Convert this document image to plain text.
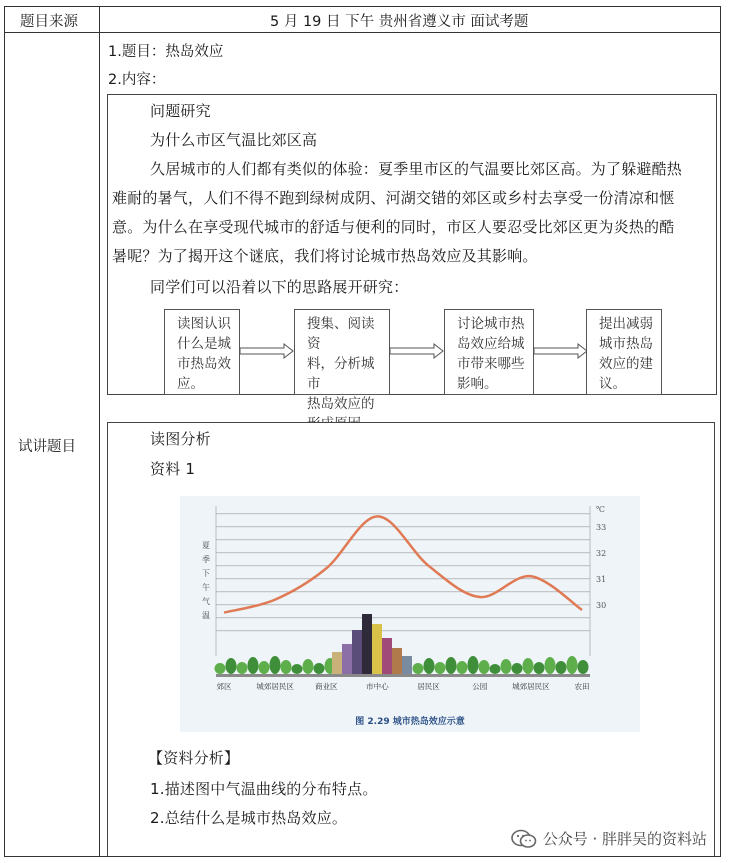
题目来源	5 月 19 日 下午 贵州省遵义市 面试考题
试讲题目
1.题目：热岛效应
2.内容：
问题研究
为什么市区气温比郊区高
久居城市的人们都有类似的体验：夏季里市区的气温要比郊区高。为了躲避酷热
难耐的暑气，人们不得不跑到绿树成阴、河湖交错的郊区或乡村去享受一份清凉和惬
意。为什么在享受现代城市的舒适与便利的同时，市区人要忍受比郊区更为炎热的酷
暑呢？为了揭开这个谜底，我们将讨论城市热岛效应及其影响。
同学们可以沿着以下的思路展开研究：
读图认识
什么是城
市热岛效
应。
搜集、阅读资
料，分析城市
热岛效应的
讨论城市热
岛效应给城
市带来哪些
影响。
提出减弱
城市热岛
效应的建
议。
读图分析
资料 1
【资料分析】
1.描述图中气温曲线的分布特点。
2.总结什么是城市热岛效应。
夏
季
下
午
气
温
30
31
32
33
℃
郊区	城郊居民区	商业区	市中心	居民区	公园	城郊居民区	农田
图 2.29 城市热岛效应示意
公众号 · 胖胖吴的资料站
